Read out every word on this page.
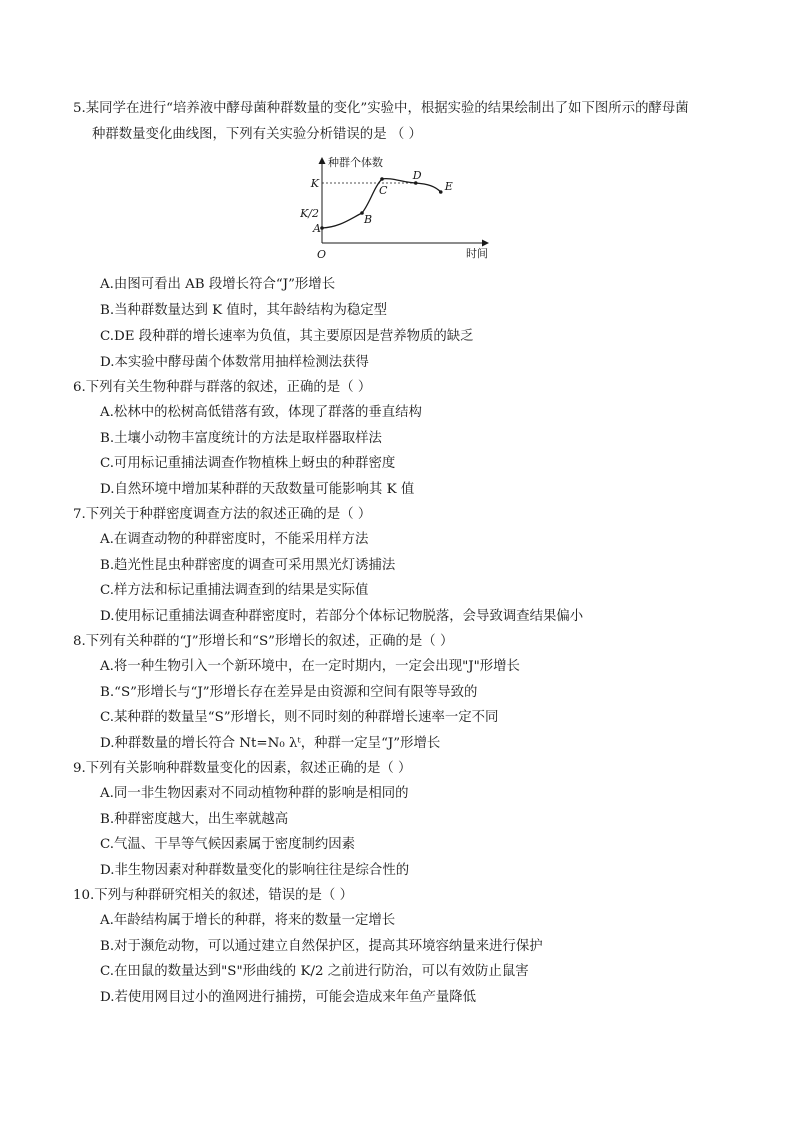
5.某同学在进行“培养液中酵母菌种群数量的变化”实验中，根据实验的结果绘制出了如下图所示的酵母菌
种群数量变化曲线图，下列有关实验分析错误的是 （ ）
种群个体数
时间
O
K
K/2
A
B
C
D
E
A.由图可看出 AB 段增长符合“J”形增长
B.当种群数量达到 K 值时，其年龄结构为稳定型
C.DE 段种群的增长速率为负值，其主要原因是营养物质的缺乏
D.本实验中酵母菌个体数常用抽样检测法获得
6.下列有关生物种群与群落的叙述，正确的是（ ）
A.松林中的松树高低错落有致，体现了群落的垂直结构
B.土壤小动物丰富度统计的方法是取样器取样法
C.可用标记重捕法调查作物植株上蚜虫的种群密度
D.自然环境中增加某种群的天敌数量可能影响其 K 值
7.下列关于种群密度调查方法的叙述正确的是（ ）
A.在调查动物的种群密度时，不能采用样方法
B.趋光性昆虫种群密度的调查可采用黑光灯诱捕法
C.样方法和标记重捕法调查到的结果是实际值
D.使用标记重捕法调查种群密度时，若部分个体标记物脱落，会导致调查结果偏小
8.下列有关种群的“J”形增长和“S”形增长的叙述，正确的是（ ）
A.将一种生物引入一个新环境中，在一定时期内，一定会出现"J"形增长
B.“S”形增长与“J”形增长存在差异是由资源和空间有限等导致的
C.某种群的数量呈“S”形增长，则不同时刻的种群增长速率一定不同
D.种群数量的增长符合 Nt=N₀ λᵗ，种群一定呈“J”形增长
9.下列有关影响种群数量变化的因素，叙述正确的是（ ）
A.同一非生物因素对不同动植物种群的影响是相同的
B.种群密度越大，出生率就越高
C.气温、干旱等气候因素属于密度制约因素
D.非生物因素对种群数量变化的影响往往是综合性的
10.下列与种群研究相关的叙述，错误的是（ ）
A.年龄结构属于增长的种群，将来的数量一定增长
B.对于濒危动物，可以通过建立自然保护区，提高其环境容纳量来进行保护
C.在田鼠的数量达到"S"形曲线的 K/2 之前进行防治，可以有效防止鼠害
D.若使用网目过小的渔网进行捕捞，可能会造成来年鱼产量降低
